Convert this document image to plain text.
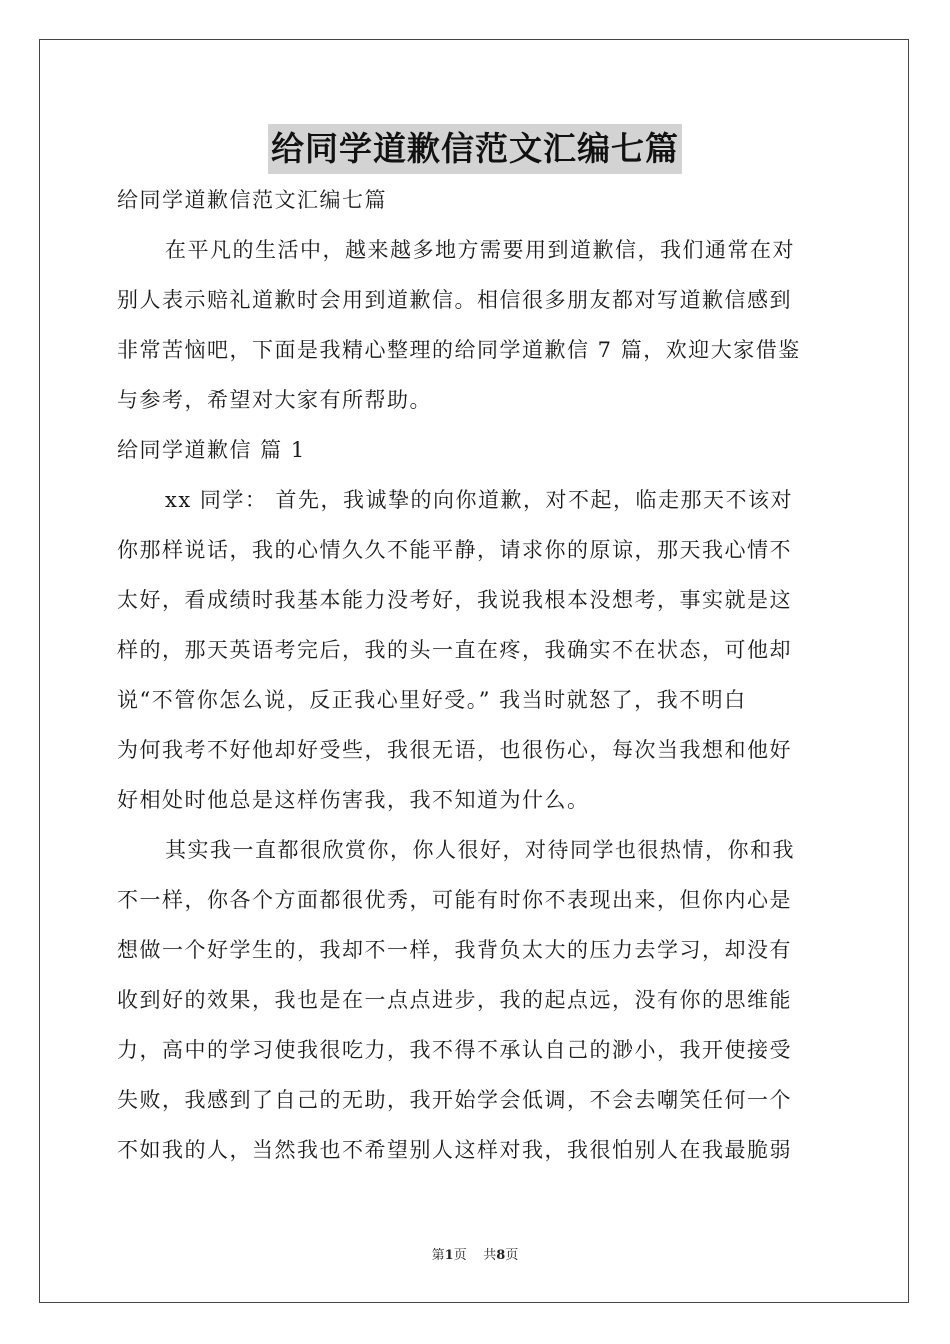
给同学道歉信范文汇编七篇
给同学道歉信范文汇编七篇
在平凡的生活中，越来越多地方需要用到道歉信，我们通常在对
别人表示赔礼道歉时会用到道歉信。相信很多朋友都对写道歉信感到
非常苦恼吧，下面是我精心整理的给同学道歉信 7 篇，欢迎大家借鉴
与参考，希望对大家有所帮助。
给同学道歉信 篇 1
xx 同学： 首先，我诚挚的向你道歉，对不起，临走那天不该对
你那样说话，我的心情久久不能平静，请求你的原谅，那天我心情不
太好，看成绩时我基本能力没考好，我说我根本没想考，事实就是这
样的，那天英语考完后，我的头一直在疼，我确实不在状态，可他却
说“不管你怎么说，反正我心里好受。” 我当时就怒了，我不明白
为何我考不好他却好受些，我很无语，也很伤心，每次当我想和他好
好相处时他总是这样伤害我，我不知道为什么。
其实我一直都很欣赏你，你人很好，对待同学也很热情，你和我
不一样，你各个方面都很优秀，可能有时你不表现出来，但你内心是
想做一个好学生的，我却不一样，我背负太大的压力去学习，却没有
收到好的效果，我也是在一点点进步，我的起点远，没有你的思维能
力，高中的学习使我很吃力，我不得不承认自己的渺小，我开使接受
失败，我感到了自己的无助，我开始学会低调，不会去嘲笑任何一个
不如我的人，当然我也不希望别人这样对我，我很怕别人在我最脆弱
第1页 共8页
